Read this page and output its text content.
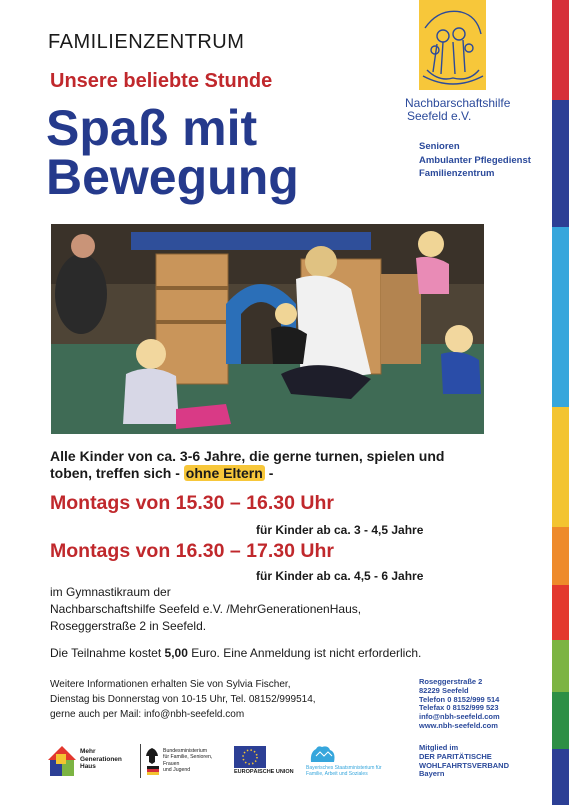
FAMILIENZENTRUM
Unsere beliebte Stunde
Spaß mit
Bewegung
Nachbarschaftshilfe
Seefeld e.V.
Senioren
Ambulanter Pflegedienst
Familienzentrum
Alle Kinder von ca. 3-6 Jahre, die gerne turnen, spielen und toben, treffen sich - ohne Eltern -
Montags von 15.30 – 16.30 Uhr
für Kinder ab ca. 3 - 4,5 Jahre
Montags von 16.30 – 17.30 Uhr
für Kinder ab ca. 4,5 - 6 Jahre
im Gymnastikraum der
Nachbarschaftshilfe Seefeld e.V. /MehrGenerationenHaus,
Roseggerstraße 2 in Seefeld.
Die Teilnahme kostet 5,00 Euro. Eine Anmeldung ist nicht erforderlich.
Weitere Informationen erhalten Sie von Sylvia Fischer,
Dienstag bis Donnerstag von 10-15 Uhr, Tel. 08152/999514,
gerne auch per Mail: info@nbh-seefeld.com
Roseggerstraße 2
82229 Seefeld
Telefon 0 8152/999 514
Telefax 0 8152/999 523
info@nbh-seefeld.com
www.nbh-seefeld.com
Mitglied im
DER PARITÄTISCHE
WOHLFAHRTSVERBAND
Bayern
Mehr
Generationen
Haus
Bundesministerium
für Familie, Senioren, Frauen
und Jugend	EUROPÄISCHE UNION
Bayerisches Staatsministerium für
Familie, Arbeit und Soziales
